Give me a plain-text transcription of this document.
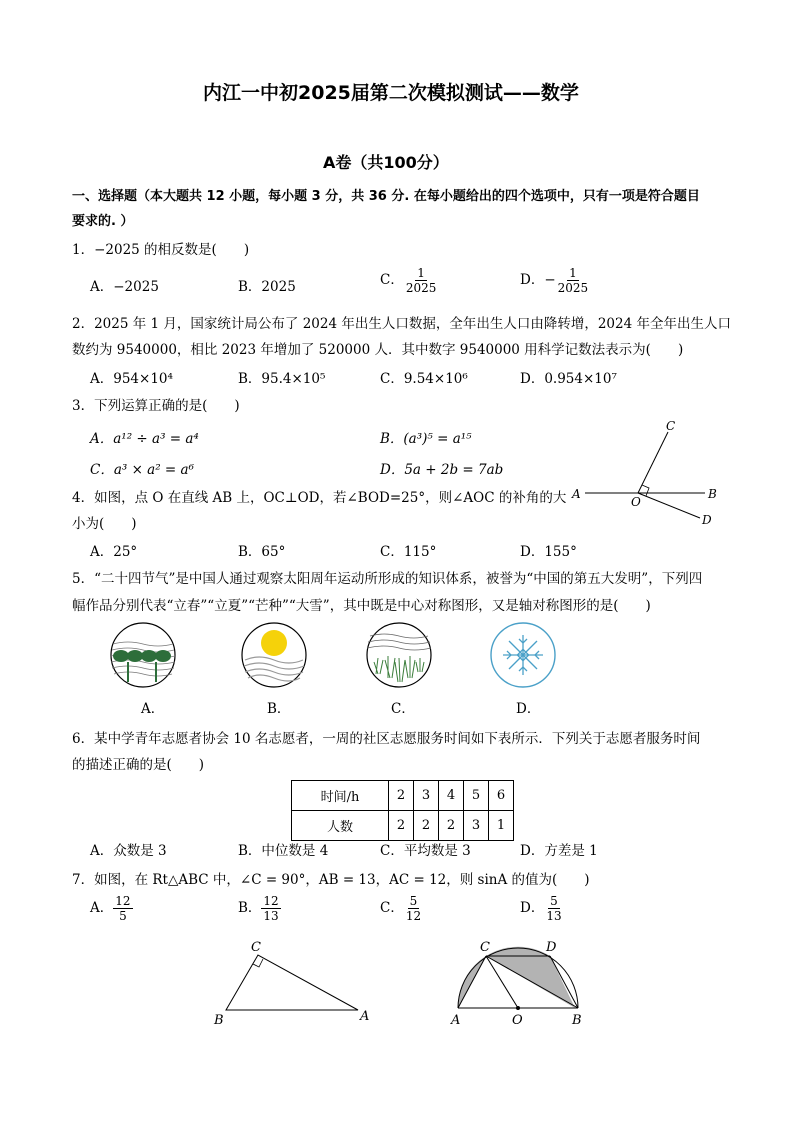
内江一中初2025届第二次模拟测试——数学
A卷（共100分）
一、选择题（本大题共 12 小题，每小题 3 分，共 36 分. 在每小题给出的四个选项中，只有一项是符合题目
要求的. ）
1．−2025 的相反数是(　　)
A．−2025	B．2025	C． $\frac{1}{2025}$	D．− $\frac{1}{2025}$
2．2025 年 1 月，国家统计局公布了 2024 年出生人口数据，全年出生人口由降转增，2024 年全年出生人口
数约为 9540000，相比 2023 年增加了 520000 人．其中数字 9540000 用科学记数法表示为(　　)
A．954×10⁴	B．95.4×10⁵	C．9.54×10⁶	D．0.954×10⁷
3．下列运算正确的是(　　)
A．a¹² ÷ a³ = a⁴	B．(a³)⁵ = a¹⁵
C．a³ × a² = a⁶	D．5a + 2b = 7ab
A	B
C
D
O
4．如图，点 O 在直线 AB 上，OC⊥OD，若∠BOD=25°，则∠AOC 的补角的大
小为(　　)
A．25°	B．65°	C．115°	D．155°
5．“二十四节气”是中国人通过观察太阳周年运动所形成的知识体系，被誉为“中国的第五大发明”，下列四
幅作品分别代表“立春”“立夏”“芒种”“大雪”，其中既是中心对称图形，又是轴对称图形的是(　　)
A．	B．	C．	D．
6．某中学青年志愿者协会 10 名志愿者，一周的社区志愿服务时间如下表所示．下列关于志愿者服务时间
的描述正确的是(　　)
时间/h	2	3	4	5	6
人数	2	2	2	3	1
A．众数是 3	B．中位数是 4	C．平均数是 3	D．方差是 1
7．如图，在 Rt△ABC 中，∠C = 90°，AB = 13，AC = 12，则 sinA 的值为(　　)
A． $\frac{12}{5}$	B． $\frac{12}{13}$	C． $\frac{5}{12}$	D． $\frac{5}{13}$
C
B	A
C	D
A	O	B
